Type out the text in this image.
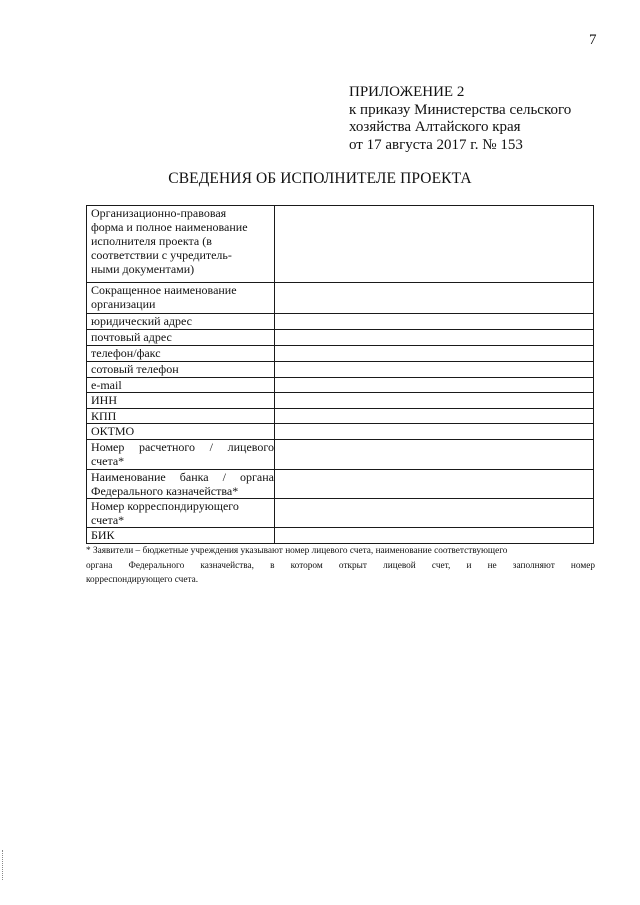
7
ПРИЛОЖЕНИЕ 2
к приказу Министерства сельского
хозяйства Алтайского края
от 17 августа 2017 г. № 153
СВЕДЕНИЯ ОБ ИСПОЛНИТЕЛЕ ПРОЕКТА
Организационно-правовая
форма и полное наименование
исполнителя проекта (в
соответствии с учредитель-
ными документами)	

Сокращенное наименование
организации	

юридический адрес	

почтовый адрес	

телефон/факс	

сотовый телефон	

e-mail	

ИНН	

КПП	

ОКТМО	

Номер расчетного / лицевого
счета*	

Наименование банка / органа
Федерального казначейства*	

Номер корреспондирующего
счета*	

БИК	

* Заявители – бюджетные учреждения указывают номер лицевого счета, наименование соответствующего
органа Федерального казначейства, в котором открыт лицевой счет, и не заполняют номер
корреспондирующего счета.
